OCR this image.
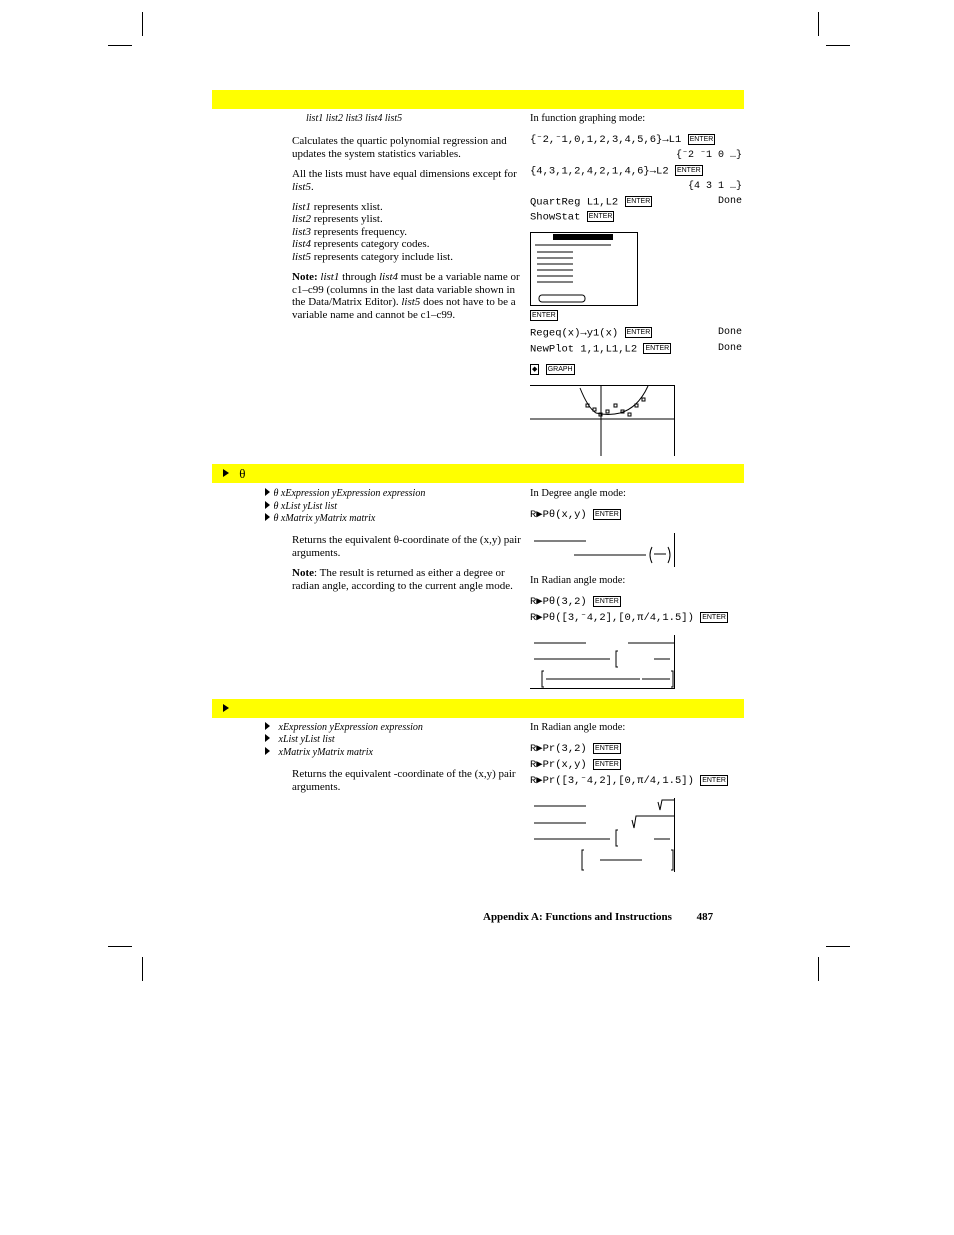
list1 list2 list3 list4 list5

Calculates the quartic polynomial regression and updates the system statistics variables.

All the lists must have equal dimensions except for list5.

list1 represents xlist.
list2 represents ylist.
list3 represents frequency.
list4 represents category codes.
list5 represents category include list.

Note: list1 through list4 must be a variable name or c1–c99 (columns in the last data variable shown in the Data/Matrix Editor). list5 does not have to be a variable name and cannot be c1–c99.

In function graphing mode:
{⁻2,⁻1,0,1,2,3,4,5,6}→L1 ENTER
{⁻2 ⁻1 0 …}
{4,3,1,2,4,2,1,4,6}→L2 ENTER
{4 3 1 …}
QuartReg L1,L2 ENTER	Done
ShowStat ENTER
ENTER
Regeq(x)→y1(x) ENTER	Done
NewPlot 1,1,L1,L2 ENTER	Done
◆ GRAPH
θ
θ xExpression yExpression expression
θ xList yList list
θ xMatrix yMatrix matrix

Returns the equivalent θ-coordinate of the (x,y) pair arguments.

Note: The result is returned as either a degree or radian angle, according to the current angle mode.

In Degree angle mode:
R▶Pθ(x,y) ENTER
In Radian angle mode:
R▶Pθ(3,2) ENTER
R▶Pθ([3,⁻4,2],[0,π/4,1.5]) ENTER
xExpression yExpression expression
xList yList list
xMatrix yMatrix matrix

Returns the equivalent -coordinate of the (x,y) pair arguments.

In Radian angle mode:
R▶Pr(3,2) ENTER
R▶Pr(x,y) ENTER
R▶Pr([3,⁻4,2],[0,π/4,1.5]) ENTER
Appendix A: Functions and Instructions 487
